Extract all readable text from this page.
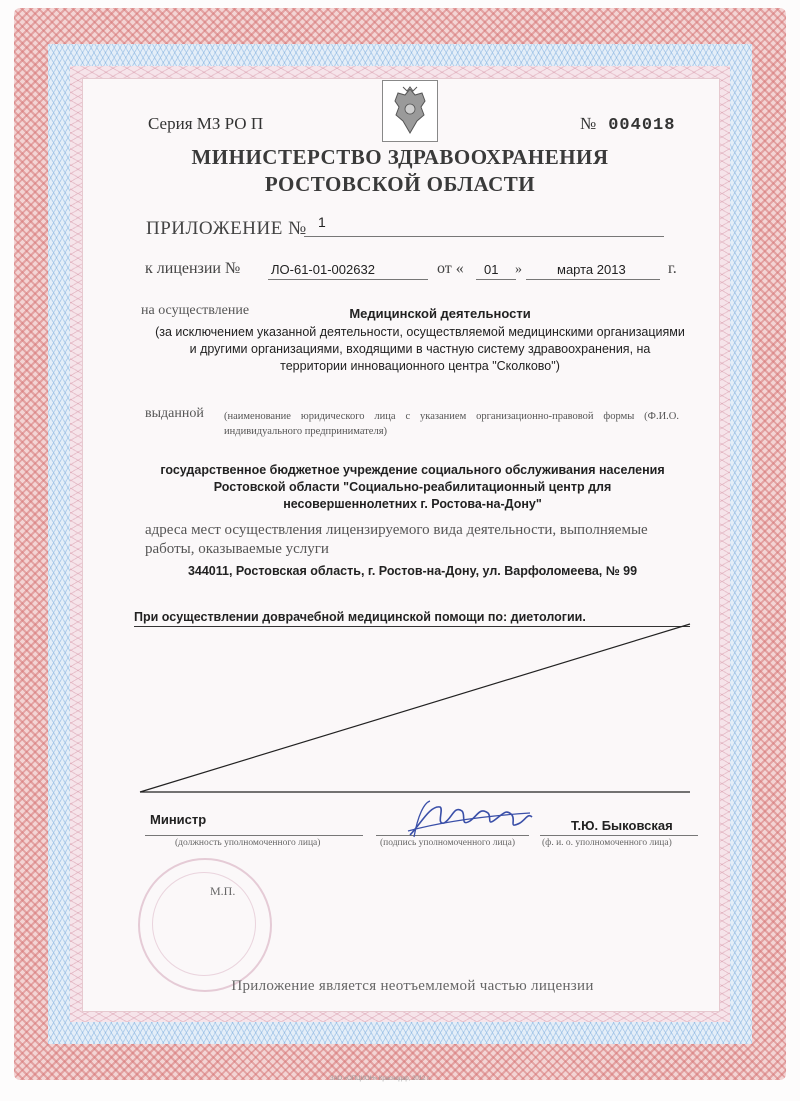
Серия МЗ РО П	№ 004018
МИНИСТЕРСТВО ЗДРАВООХРАНЕНИЯ
РОСТОВСКОЙ ОБЛАСТИ
ПРИЛОЖЕНИЕ № 1
к лицензии № ЛО-61-01-002632	от « 01 »	марта 2013	г.
на осуществление	Медицинской деятельности
(за исключением указанной деятельности, осуществляемой медицинскими организациями
и другими организациями, входящими в частную систему здравоохранения, на
территории инновационного центра "Сколково")
выданной (наименование юридического лица с указанием организационно-правовой формы (Ф.И.О. индивидуального предпринимателя)
государственное бюджетное учреждение социального обслуживания населения
Ростовской области "Социально-реабилитационный центр для
несовершеннолетних г. Ростова-на-Дону"
адреса мест осуществления лицензируемого вида деятельности, выполняемые работы, оказываемые услуги
344011, Ростовская область, г. Ростов-на-Дону, ул. Варфоломеева, № 99
При осуществлении доврачебной медицинской помощи по: диетологии.
Министр	Т.Ю. Быковская
(должность уполномоченного лица)	(подпись уполномоченного лица)	(ф. и. о. уполномоченного лица)
М.П.
Приложение является неотъемлемой частью лицензии
ЗАО «ОПЦИОН» Краснодар, 2012 г.
